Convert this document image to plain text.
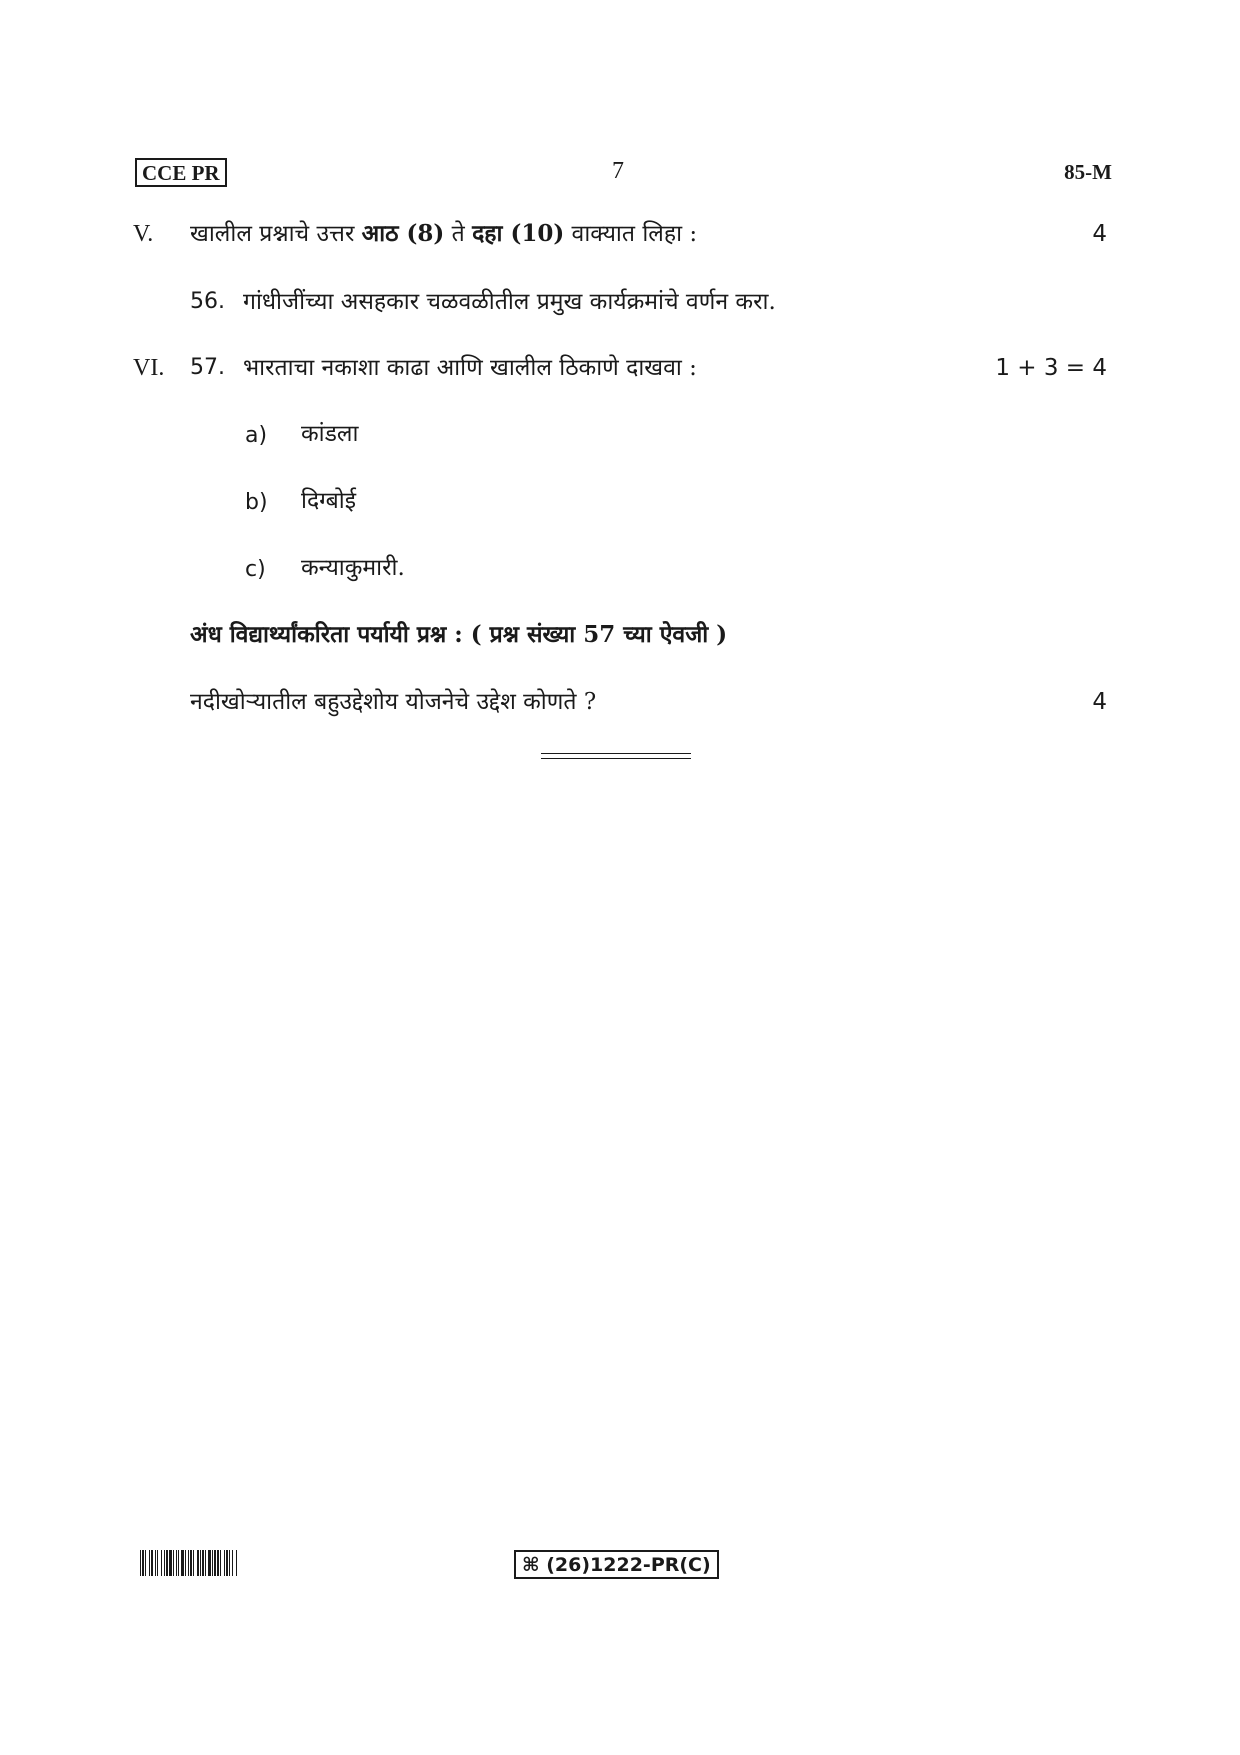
CCE PR	7	85-M
V. खालील प्रश्नाचे उत्तर आठ (8) ते दहा (10) वाक्यात लिहा :	4
56. गांधीजींच्या असहकार चळवळीतील प्रमुख कार्यक्रमांचे वर्णन करा.
VI. 57. भारताचा नकाशा काढा आणि खालील ठिकाणे दाखवा :	1 + 3 = 4
a) कांडला
b) दिग्बोई
c) कन्याकुमारी.
अंध विद्यार्थ्यांकरिता पर्यायी प्रश्न : ( प्रश्न संख्या 57 च्या ऐवजी )
नदीखोऱ्यातील बहुउद्देशोय योजनेचे उद्देश कोणते ?	4
⌘ (26)1222-PR(C)
